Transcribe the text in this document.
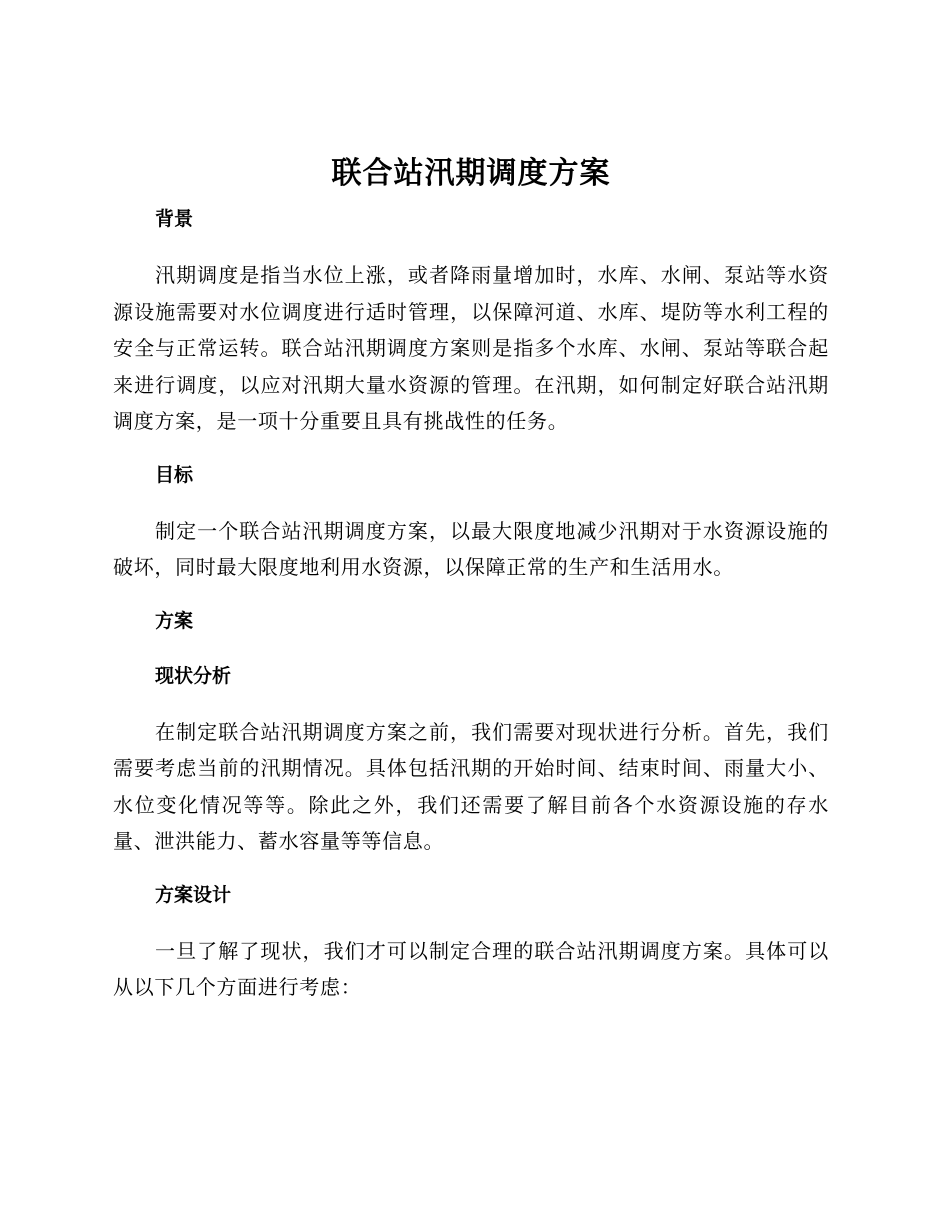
联合站汛期调度方案
背景

汛期调度是指当水位上涨，或者降雨量增加时，水库、水闸、泵站等水资源设施需要对水位调度进行适时管理，以保障河道、水库、堤防等水利工程的安全与正常运转。联合站汛期调度方案则是指多个水库、水闸、泵站等联合起来进行调度，以应对汛期大量水资源的管理。在汛期，如何制定好联合站汛期调度方案，是一项十分重要且具有挑战性的任务。

目标

制定一个联合站汛期调度方案，以最大限度地减少汛期对于水资源设施的破坏，同时最大限度地利用水资源，以保障正常的生产和生活用水。

方案
现状分析

在制定联合站汛期调度方案之前，我们需要对现状进行分析。首先，我们需要考虑当前的汛期情况。具体包括汛期的开始时间、结束时间、雨量大小、水位变化情况等等。除此之外，我们还需要了解目前各个水资源设施的存水量、泄洪能力、蓄水容量等等信息。

方案设计

一旦了解了现状，我们才可以制定合理的联合站汛期调度方案。具体可以从以下几个方面进行考虑：
